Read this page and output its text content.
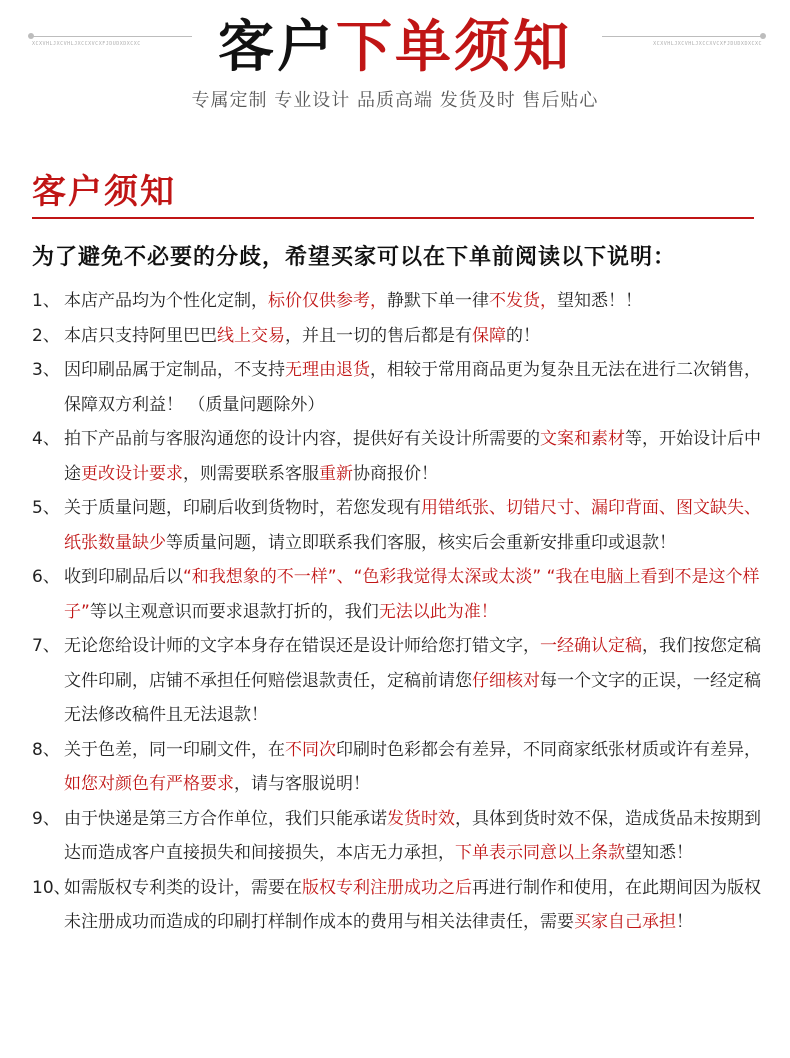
XCXVHLJXCVHLJXCCXVCXFJDUDXDXCXC	客户下单须知	XCXVHLJXCVHLJXCCXVCXFJDUDXDXCXC
专属定制 专业设计 品质高端 发货及时 售后贴心
客户须知
为了避免不必要的分歧，希望买家可以在下单前阅读以下说明：
1、 本店产品均为个性化定制，标价仅供参考，静默下单一律不发货，望知悉！！
2、 本店只支持阿里巴巴线上交易，并且一切的售后都是有保障的！
3、 因印刷品属于定制品，不支持无理由退货，相较于常用商品更为复杂且无法在进行二次销售，保障双方利益！ （质量问题除外）
4、 拍下产品前与客服沟通您的设计内容，提供好有关设计所需要的文案和素材等，开始设计后中途更改设计要求，则需要联系客服重新协商报价！
5、 关于质量问题，印刷后收到货物时，若您发现有用错纸张、切错尺寸、漏印背面、图文缺失、纸张数量缺少等质量问题，请立即联系我们客服，核实后会重新安排重印或退款！
6、 收到印刷品后以“和我想象的不一样”、“色彩我觉得太深或太淡” “我在电脑上看到不是这个样子”等以主观意识而要求退款打折的，我们无法以此为准！
7、 无论您给设计师的文字本身存在错误还是设计师给您打错文字，一经确认定稿，我们按您定稿文件印刷，店铺不承担任何赔偿退款责任，定稿前请您仔细核对每一个文字的正误，一经定稿无法修改稿件且无法退款！
8、 关于色差，同一印刷文件，在不同次印刷时色彩都会有差异，不同商家纸张材质或许有差异，如您对颜色有严格要求，请与客服说明！
9、 由于快递是第三方合作单位，我们只能承诺发货时效，具体到货时效不保，造成货品未按期到达而造成客户直接损失和间接损失，本店无力承担，下单表示同意以上条款望知悉！
10、
如需版权专利类的设计，需要在版权专利注册成功之后再进行制作和使用，在此期间因为版权未注册成功而造成的印刷打样制作成本的费用与相关法律责任，需要买家自己承担！
